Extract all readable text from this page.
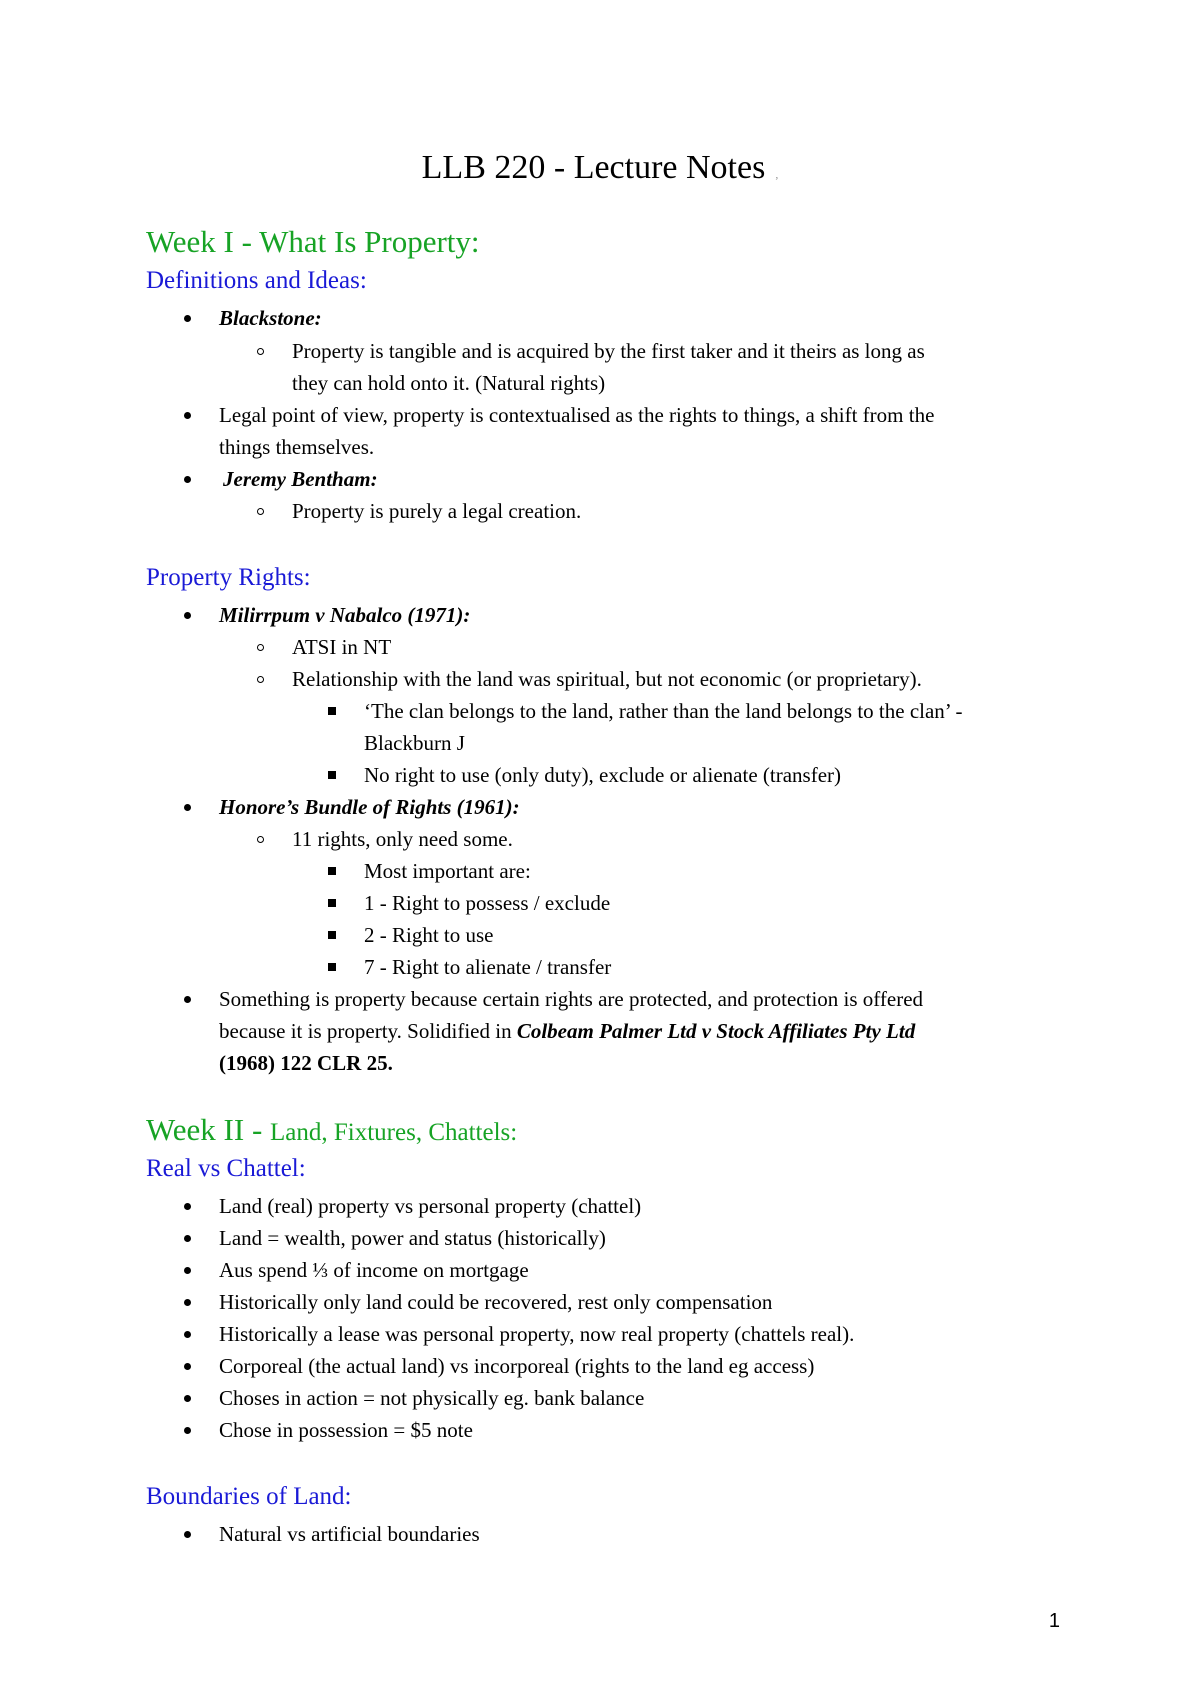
LLB 220 - Lecture Notes ,
Week I - What Is Property:
Definitions and Ideas:
Blackstone:
Property is tangible and is acquired by the first taker and it theirs as long as
they can hold onto it. (Natural rights)
Legal point of view, property is contextualised as the rights to things, a shift from the
things themselves.
Jeremy Bentham:
Property is purely a legal creation.
Property Rights:
Milirrpum v Nabalco (1971):
ATSI in NT
Relationship with the land was spiritual, but not economic (or proprietary).
‘The clan belongs to the land, rather than the land belongs to the clan’ -
Blackburn J
No right to use (only duty), exclude or alienate (transfer)
Honore’s Bundle of Rights (1961):
11 rights, only need some.
Most important are:
1 - Right to possess / exclude
2 - Right to use
7 - Right to alienate / transfer
Something is property because certain rights are protected, and protection is offered
because it is property. Solidified in Colbeam Palmer Ltd v Stock Affiliates Pty Ltd
(1968) 122 CLR 25.
Week II - Land, Fixtures, Chattels:
Real vs Chattel:
Land (real) property vs personal property (chattel)
Land = wealth, power and status (historically)
Aus spend ⅓ of income on mortgage
Historically only land could be recovered, rest only compensation
Historically a lease was personal property, now real property (chattels real).
Corporeal (the actual land) vs incorporeal (rights to the land eg access)
Choses in action = not physically eg. bank balance
Chose in possession = $5 note
Boundaries of Land:
Natural vs artificial boundaries
1
